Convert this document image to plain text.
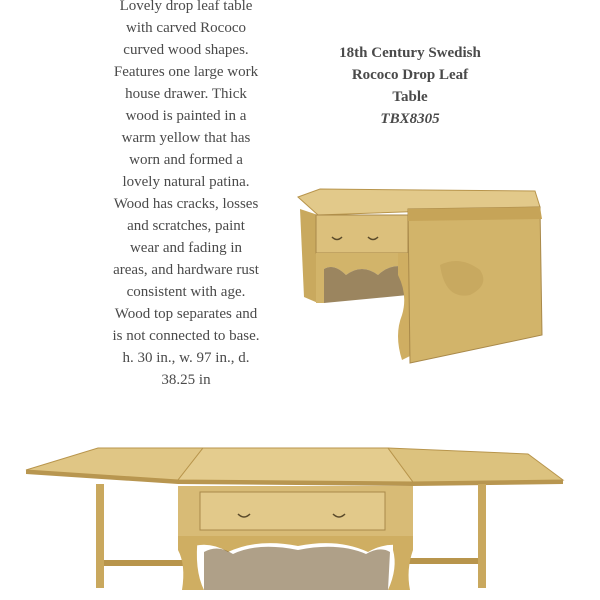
Lovely drop leaf table
with carved Rococo
curved wood shapes.
Features one large work
house drawer. Thick
wood is painted in a
warm yellow that has
worn and formed a
lovely natural patina.
Wood has cracks, losses
and scratches, paint
wear and fading in
areas, and hardware rust
consistent with age.
Wood top separates and
is not connected to base.
h. 30 in., w. 97 in., d.
38.25 in
18th Century Swedish
Rococo Drop Leaf
Table
TBX8305
